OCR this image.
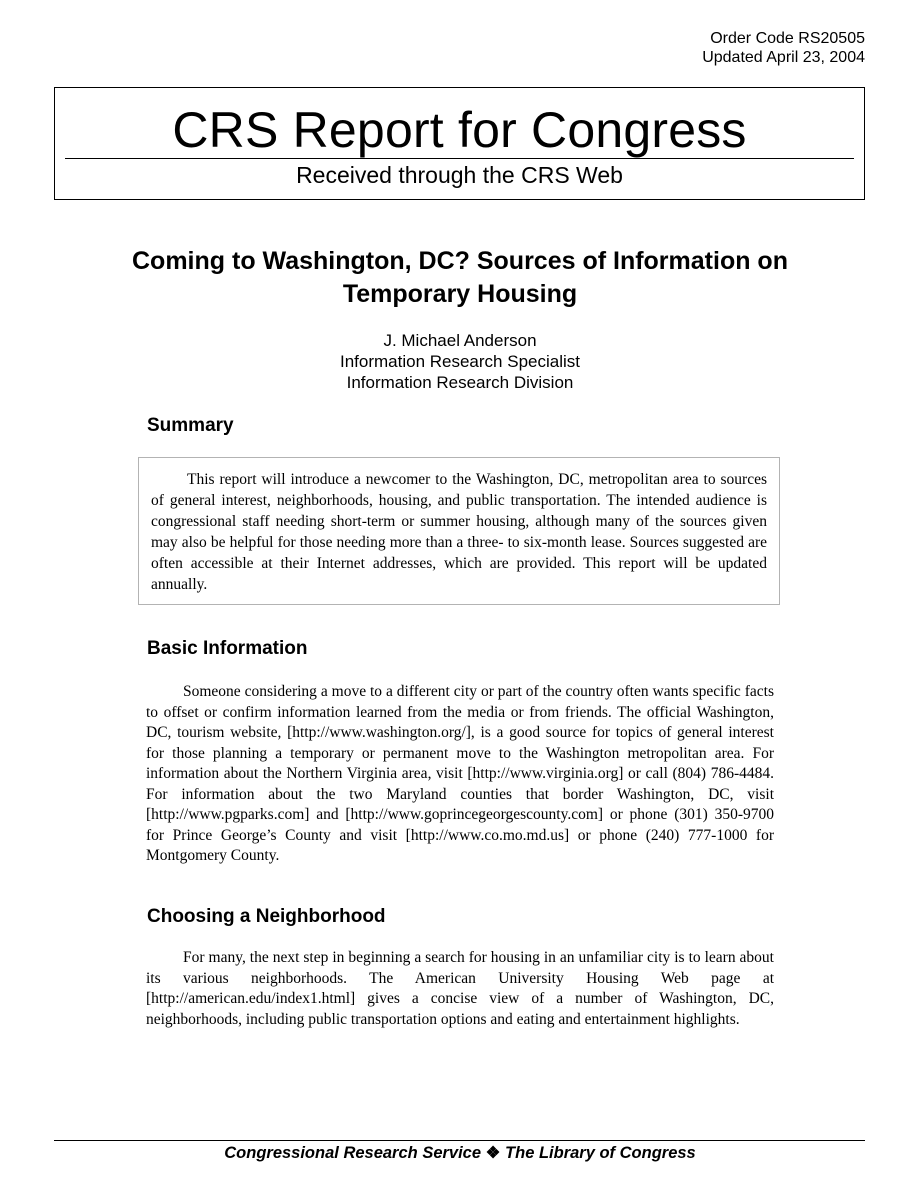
Order Code RS20505
Updated April 23, 2004
CRS Report for Congress
Received through the CRS Web
Coming to Washington, DC? Sources of Information on Temporary Housing
J. Michael Anderson
Information Research Specialist
Information Research Division
Summary

This report will introduce a newcomer to the Washington, DC, metropolitan area to sources of general interest, neighborhoods, housing, and public transportation. The intended audience is congressional staff needing short-term or summer housing, although many of the sources given may also be helpful for those needing more than a three- to six-month lease. Sources suggested are often accessible at their Internet addresses, which are provided. This report will be updated annually.

Basic Information

Someone considering a move to a different city or part of the country often wants specific facts to offset or confirm information learned from the media or from friends. The official Washington, DC, tourism website, [http://www.washington.org/], is a good source for topics of general interest for those planning a temporary or permanent move to the Washington metropolitan area. For information about the Northern Virginia area, visit [http://www.virginia.org] or call (804) 786-4484. For information about the two Maryland counties that border Washington, DC, visit [http://www.pgparks.com] and [http://www.goprincegeorgescounty.com] or phone (301) 350-9700 for Prince George’s County and visit [http://www.co.mo.md.us] or phone (240) 777-1000 for Montgomery County.

Choosing a Neighborhood

For many, the next step in beginning a search for housing in an unfamiliar city is to learn about its various neighborhoods. The American University Housing Web page at [http://american.edu/index1.html] gives a concise view of a number of Washington, DC, neighborhoods, including public transportation options and eating and entertainment highlights.

Congressional Research Service ❖ The Library of Congress
